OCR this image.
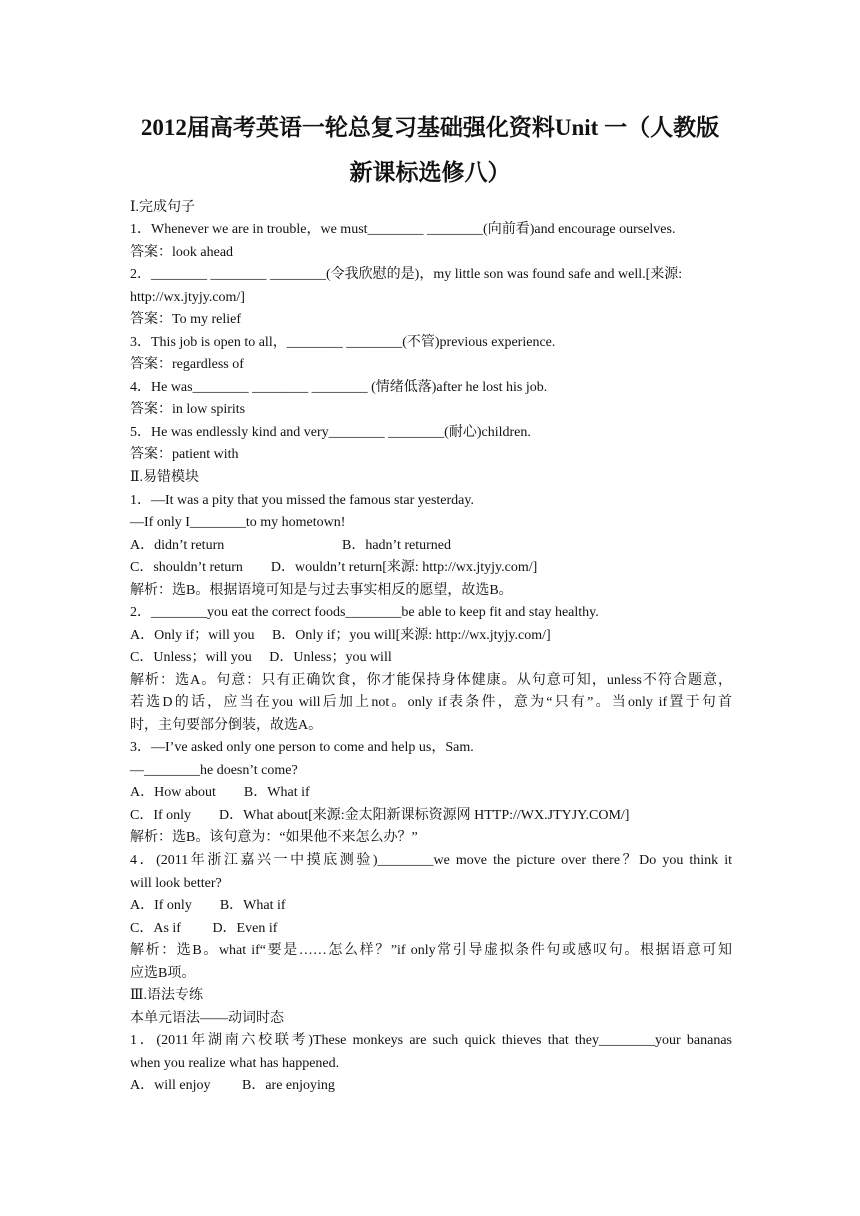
2012届高考英语一轮总复习基础强化资料Unit 一（人教版
新课标选修八）
Ⅰ.完成句子
1．Whenever we are in trouble，we must________ ________(向前看)and encourage ourselves.
答案：look ahead
2．________ ________ ________(令我欣慰的是)，my little son was found safe and well.[来源:
http://wx.jtyjy.com/]
答案：To my relief
3．This job is open to all，________ ________(不管)previous experience.
答案：regardless of
4．He was________ ________ ________ (情绪低落)after he lost his job.
答案：in low spirits
5．He was endlessly kind and very________ ________(耐心)children.
答案：patient with
Ⅱ.易错模块
1．—It was a pity that you missed the famous star yesterday.
—If only I________to my hometown!
A．didn’t return	B．hadn’t returned
C．shouldn’t return　　D．wouldn’t return[来源: http://wx.jtyjy.com/]
解析：选B。根据语境可知是与过去事实相反的愿望，故选B。
2．________you eat the correct foods________be able to keep fit and stay healthy.
A．Only if；will you　 B．Only if；you will[来源: http://wx.jtyjy.com/]
C．Unless；will you　 D．Unless；you will
解析：选A。句意：只有正确饮食，你才能保持身体健康。从句意可知，unless不符合题意，
若选D的话，应当在you will后加上not。only if表条件，意为“只有”。当only if置于句首
时，主句要部分倒装，故选A。
3．—I’ve asked only one person to come and help us，Sam.
—________he doesn’t come?
A．How about　　B．What if
C．If only　　D．What about[来源:金太阳新课标资源网 HTTP://WX.JTYJY.COM/]
解析：选B。该句意为：“如果他不来怎么办？”
4．(2011年浙江嘉兴一中摸底测验)________we move the picture over there？Do you think it
will look better?
A．If only　　B．What if
C．As if　　 D．Even if
解析：选B。what if“要是……怎么样？”if only常引导虚拟条件句或感叹句。根据语意可知
应选B项。
Ⅲ.语法专练
本单元语法——动词时态
1．(2011年湖南六校联考)These monkeys are such quick thieves that they________your bananas
when you realize what has happened.
A．will enjoy　　 B．are enjoying
